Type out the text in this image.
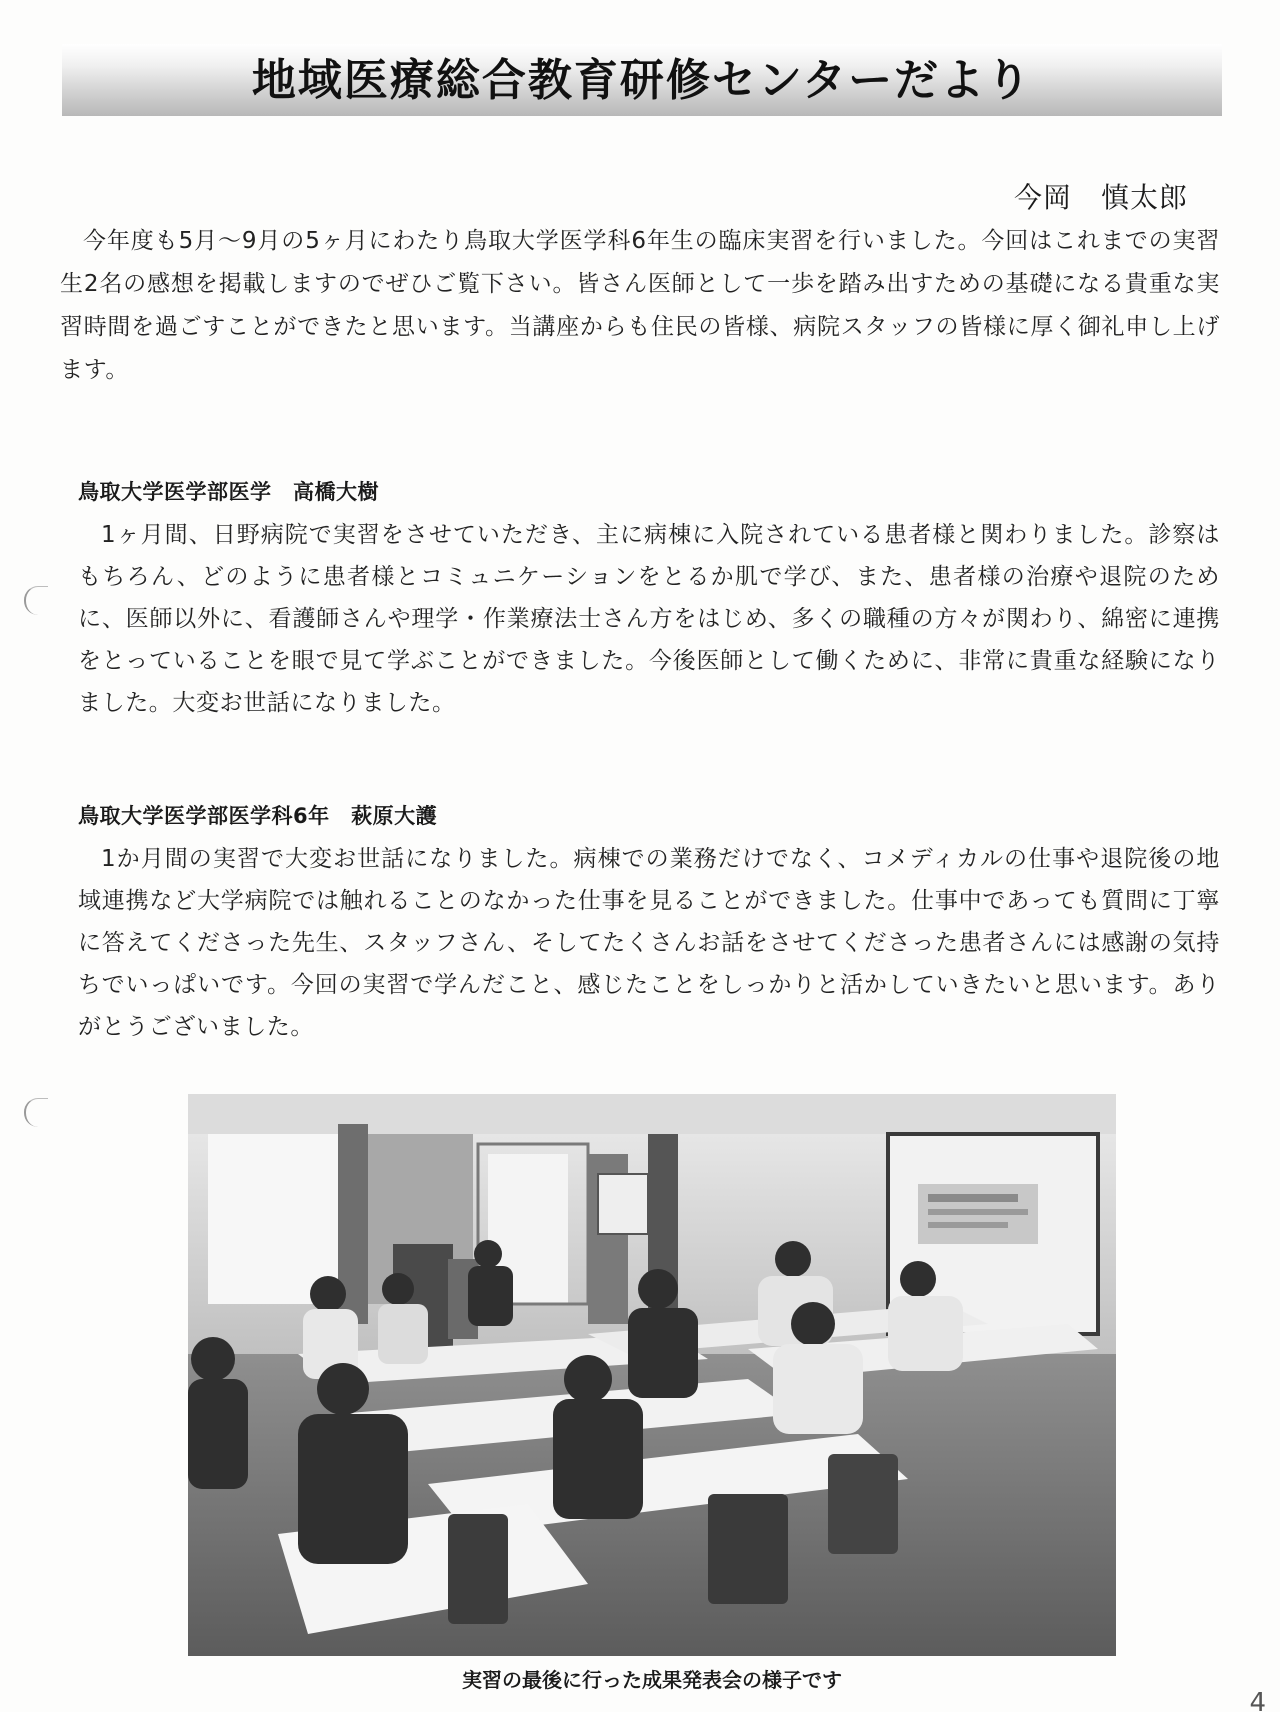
地域医療総合教育研修センターだより
今岡　慎太郎
今年度も5月〜9月の5ヶ月にわたり鳥取大学医学科6年生の臨床実習を行いました。今回はこれまでの実習生2名の感想を掲載しますのでぜひご覧下さい。皆さん医師として一歩を踏み出すための基礎になる貴重な実習時間を過ごすことができたと思います。当講座からも住民の皆様、病院スタッフの皆様に厚く御礼申し上げます。
鳥取大学医学部医学　高橋大樹
1ヶ月間、日野病院で実習をさせていただき、主に病棟に入院されている患者様と関わりました。診察はもちろん、どのように患者様とコミュニケーションをとるか肌で学び、また、患者様の治療や退院のために、医師以外に、看護師さんや理学・作業療法士さん方をはじめ、多くの職種の方々が関わり、綿密に連携をとっていることを眼で見て学ぶことができました。今後医師として働くために、非常に貴重な経験になりました。大変お世話になりました。
鳥取大学医学部医学科6年　萩原大護
1か月間の実習で大変お世話になりました。病棟での業務だけでなく、コメディカルの仕事や退院後の地域連携など大学病院では触れることのなかった仕事を見ることができました。仕事中であっても質問に丁寧に答えてくださった先生、スタッフさん、そしてたくさんお話をさせてくださった患者さんには感謝の気持ちでいっぱいです。今回の実習で学んだこと、感じたことをしっかりと活かしていきたいと思います。ありがとうございました。
実習の最後に行った成果発表会の様子です
4
